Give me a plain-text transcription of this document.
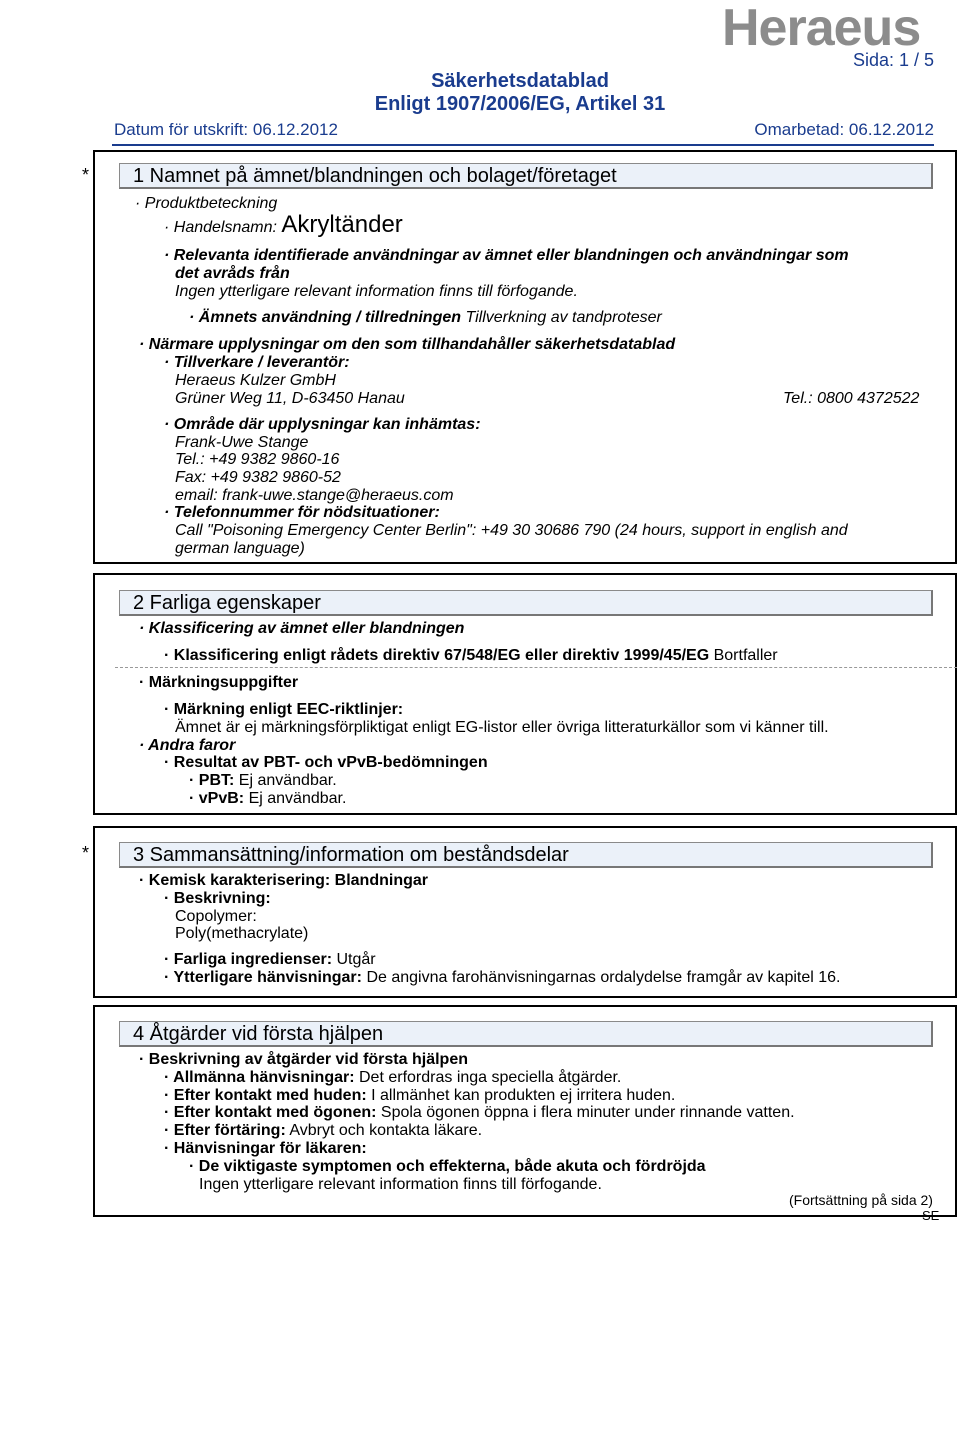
Heraeus
Sida: 1 / 5
Säkerhetsdatablad
Enligt 1907/2006/EG, Artikel 31
Datum för utskrift: 06.12.2012	Omarbetad: 06.12.2012
*	1 Namnet på ämnet/blandningen och bolaget/företaget
· Produktbeteckning
· Handelsnamn: Akryltänder
· Relevanta identifierade användningar av ämnet eller blandningen och användningar som
det avråds från
Ingen ytterligare relevant information finns till förfogande.
· Ämnets användning / tillredningen Tillverkning av tandproteser
· Närmare upplysningar om den som tillhandahåller säkerhetsdatablad
· Tillverkare / leverantör:
Heraeus Kulzer GmbH
Grüner Weg 11, D-63450 Hanau	Tel.: 0800 4372522
· Område där upplysningar kan inhämtas:
Frank-Uwe Stange
Tel.: +49 9382 9860-16
Fax: +49 9382 9860-52
email: frank-uwe.stange@heraeus.com
· Telefonnummer för nödsituationer:
Call "Poisoning Emergency Center Berlin": +49 30 30686 790 (24 hours, support in english and
german language)
2 Farliga egenskaper
· Klassificering av ämnet eller blandningen
· Klassificering enligt rådets direktiv 67/548/EG eller direktiv 1999/45/EG Bortfaller
· Märkningsuppgifter
· Märkning enligt EEC-riktlinjer:
Ämnet är ej märkningsförpliktigat enligt EG-listor eller övriga litteraturkällor som vi känner till.
· Andra faror
· Resultat av PBT- och vPvB-bedömningen
· PBT: Ej användbar.
· vPvB: Ej användbar.
*	3 Sammansättning/information om beståndsdelar
· Kemisk karakterisering: Blandningar
· Beskrivning:
Copolymer:
Poly(methacrylate)
· Farliga ingredienser: Utgår
· Ytterligare hänvisningar: De angivna farohänvisningarnas ordalydelse framgår av kapitel 16.
4 Åtgärder vid första hjälpen
· Beskrivning av åtgärder vid första hjälpen
· Allmänna hänvisningar: Det erfordras inga speciella åtgärder.
· Efter kontakt med huden: I allmänhet kan produkten ej irritera huden.
· Efter kontakt med ögonen: Spola ögonen öppna i flera minuter under rinnande vatten.
· Efter förtäring: Avbryt och kontakta läkare.
· Hänvisningar för läkaren:
· De viktigaste symptomen och effekterna, både akuta och fördröjda
Ingen ytterligare relevant information finns till förfogande.
(Fortsättning på sida 2)
SE
